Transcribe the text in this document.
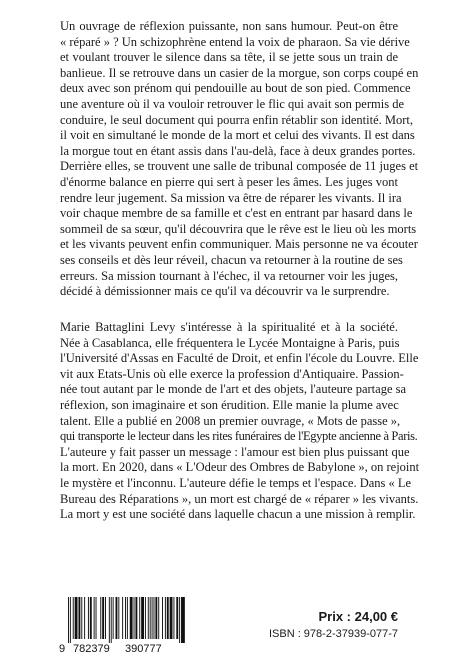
Un ouvrage de réflexion puissante, non sans humour. Peut-on être
« réparé » ? Un schizophrène entend la voix de pharaon. Sa vie dérive
et voulant trouver le silence dans sa tête, il se jette sous un train de
banlieue. Il se retrouve dans un casier de la morgue, son corps coupé en
deux avec son prénom qui pendouille au bout de son pied. Commence
une aventure où il va vouloir retrouver le flic qui avait son permis de
conduire, le seul document qui pourra enfin rétablir son identité. Mort,
il voit en simultané le monde de la mort et celui des vivants. Il est dans
la morgue tout en étant assis dans l'au-delà, face à deux grandes portes.
Derrière elles, se trouvent une salle de tribunal composée de 11 juges et
d'énorme balance en pierre qui sert à peser les âmes. Les juges vont
rendre leur jugement. Sa mission va être de réparer les vivants. Il ira
voir chaque membre de sa famille et c'est en entrant par hasard dans le
sommeil de sa sœur, qu'il découvrira que le rêve est le lieu où les morts
et les vivants peuvent enfin communiquer. Mais personne ne va écouter
ses conseils et dès leur réveil, chacun va retourner à la routine de ses
erreurs. Sa mission tournant à l'échec, il va retourner voir les juges,
décidé à démissionner mais ce qu'il va découvrir va le surprendre.
Marie Battaglini Levy s'intéresse à la spiritualité et à la société.
Née à Casablanca, elle fréquentera le Lycée Montaigne à Paris, puis
l'Université d'Assas en Faculté de Droit, et enfin l'école du Louvre. Elle
vit aux Etats-Unis où elle exerce la profession d'Antiquaire. Passion-
née tout autant par le monde de l'art et des objets, l'auteure partage sa
réflexion, son imaginaire et son érudition. Elle manie la plume avec
talent. Elle a publié en 2008 un premier ouvrage, « Mots de passe »,
qui transporte le lecteur dans les rites funéraires de l'Egypte ancienne à Paris.
L'auteure y fait passer un message : l'amour est bien plus puissant que
la mort. En 2020, dans « L'Odeur des Ombres de Babylone », on rejoint
le mystère et l'inconnu. L'auteure défie le temps et l'espace. Dans « Le
Bureau des Réparations », un mort est chargé de « réparer » les vivants.
La mort y est une société dans laquelle chacun a une mission à remplir.
9 782379 390777
Prix : 24,00 €
ISBN : 978-2-37939-077-7
